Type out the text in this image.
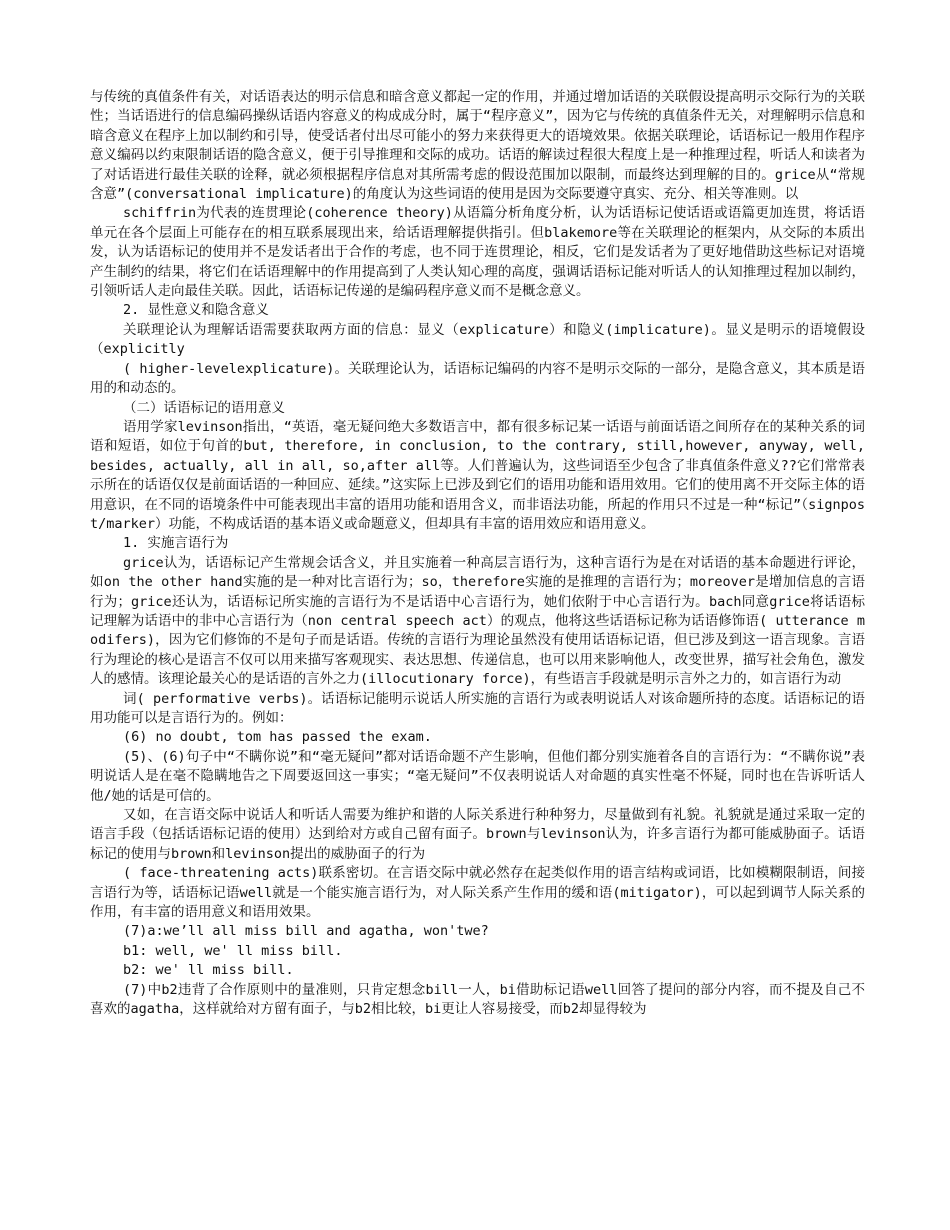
与传统的真值条件有关，对话语表达的明示信息和暗含意义都起一定的作用，并通过增加话语的关联假设提高明示交际行为的关联性；当话语进行的信息编码操纵话语内容意义的构成成分时，属于“程序意义”，因为它与传统的真值条件无关，对理解明示信息和暗含意义在程序上加以制约和引导，使受话者付出尽可能小的努力来获得更大的语境效果。依据关联理论，话语标记一般用作程序意义编码以约束限制话语的隐含意义，便于引导推理和交际的成功。话语的解读过程很大程度上是一种推理过程，听话人和读者为了对话语进行最佳关联的诠释，就必须根据程序信息对其所需考虑的假设范围加以限制，而最终达到理解的目的。grice从“常规含意”(conversational implicature)的角度认为这些词语的使用是因为交际要遵守真实、充分、相关等准则。以

schiffrin为代表的连贯理论(coherence theory)从语篇分析角度分析，认为话语标记使话语或语篇更加连贯，将话语单元在各个层面上可能存在的相互联系展现出来，给话语理解提供指引。但blakemore等在关联理论的框架内，从交际的本质出发，认为话语标记的使用并不是发话者出于合作的考虑，也不同于连贯理论，相反，它们是发话者为了更好地借助这些标记对语境产生制约的结果，将它们在话语理解中的作用提高到了人类认知心理的高度，强调话语标记能对听话人的认知推理过程加以制约，引领听话人走向最佳关联。因此，话语标记传递的是编码程序意义而不是概念意义。

2. 显性意义和隐含意义

关联理论认为理解话语需要获取两方面的信息：显义（explicature）和隐义(implicature)。显义是明示的语境假设（explicitly

( higher-levelexplicature)。关联理论认为，话语标记编码的内容不是明示交际的一部分，是隐含意义，其本质是语用的和动态的。

（二）话语标记的语用意义

语用学家levinson指出，“英语，毫无疑问绝大多数语言中，都有很多标记某一话语与前面话语之间所存在的某种关系的词语和短语，如位于句首的but, therefore, in conclusion, to the contrary, still,however, anyway, well, besides, actually, all in all, so,after all等。人们普遍认为，这些词语至少包含了非真值条件意义??它们常常表示所在的话语仅仅是前面话语的一种回应、延续。”这实际上已涉及到它们的语用功能和语用效用。它们的使用离不开交际主体的语用意识，在不同的语境条件中可能表现出丰富的语用功能和语用含义，而非语法功能，所起的作用只不过是一种“标记”（signpost/marker）功能，不构成话语的基本语义或命题意义，但却具有丰富的语用效应和语用意义。

1. 实施言语行为

grice认为，话语标记产生常规会话含义，并且实施着一种高层言语行为，这种言语行为是在对话语的基本命题进行评论，如on the other hand实施的是一种对比言语行为；so，therefore实施的是推理的言语行为；moreover是增加信息的言语行为；grice还认为，话语标记所实施的言语行为不是话语中心言语行为，她们依附于中心言语行为。bach同意grice将话语标记理解为话语中的非中心言语行为（non central speech act）的观点，他将这些话语标记称为话语修饰语( utterance modifers)，因为它们修饰的不是句子而是话语。传统的言语行为理论虽然没有使用话语标记语，但已涉及到这一语言现象。言语行为理论的核心是语言不仅可以用来描写客观现实、表达思想、传递信息，也可以用来影响他人，改变世界，描写社会角色，激发人的感情。该理论最关心的是话语的言外之力(illocutionary force)，有些语言手段就是明示言外之力的，如言语行为动

词( performative verbs)。话语标记能明示说话人所实施的言语行为或表明说话人对该命题所持的态度。话语标记的语用功能可以是言语行为的。例如：

(6) no doubt, tom has passed the exam.

(5)、(6)句子中“不瞒你说”和“毫无疑问”都对话语命题不产生影响，但他们都分别实施着各自的言语行为：“不瞒你说”表明说话人是在毫不隐瞒地告之下周要返回这一事实；“毫无疑问”不仅表明说话人对命题的真实性毫不怀疑，同时也在告诉听话人他/她的话是可信的。

又如，在言语交际中说话人和听话人需要为维护和谐的人际关系进行种种努力，尽量做到有礼貌。礼貌就是通过采取一定的语言手段（包括话语标记语的使用）达到给对方或自己留有面子。brown与levinson认为，许多言语行为都可能威胁面子。话语标记的使用与brown和levinson提出的威胁面子的行为

( face-threatening acts)联系密切。在言语交际中就必然存在起类似作用的语言结构或词语，比如模糊限制语，间接言语行为等，话语标记语well就是一个能实施言语行为，对人际关系产生作用的缓和语(mitigator)，可以起到调节人际关系的作用，有丰富的语用意义和语用效果。

(7)a:we’ll all miss bill and agatha, won'twe?

b1: well, we' ll miss bill.

b2: we' ll miss bill.

(7)中b2违背了合作原则中的量准则，只肯定想念bill一人，bi借助标记语well回答了提问的部分内容，而不提及自己不喜欢的agatha，这样就给对方留有面子，与b2相比较，bi更让人容易接受，而b2却显得较为
